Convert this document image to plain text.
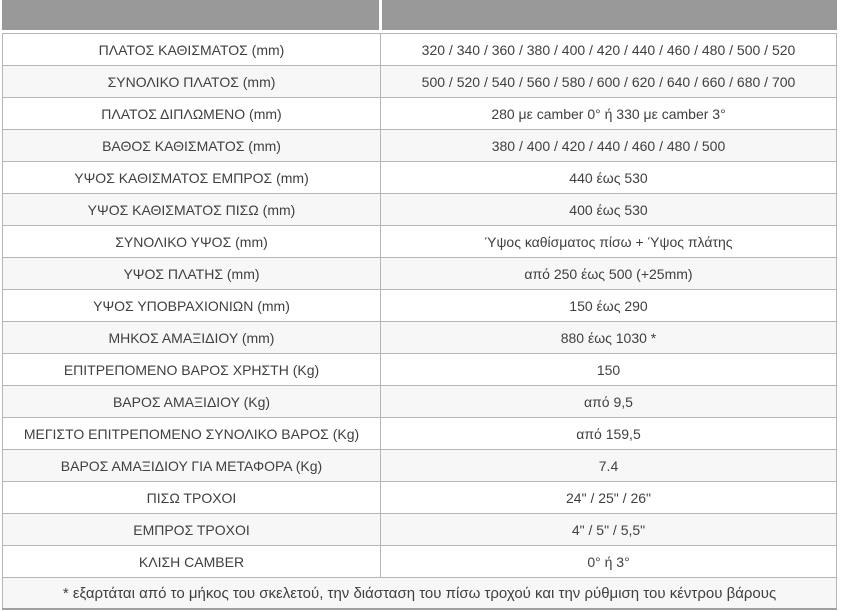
ΠΛΑΤΟΣ ΚΑΘΙΣΜΑΤΟΣ (mm)	320 / 340 / 360 / 380 / 400 / 420 / 440 / 460 / 480 / 500 / 520
ΣΥΝΟΛΙΚΟ ΠΛΑΤΟΣ (mm)	500 / 520 / 540 / 560 / 580 / 600 / 620 / 640 / 660 / 680 / 700
ΠΛΑΤΟΣ ΔΙΠΛΩΜΕΝΟ (mm)	280 με camber 0° ή 330 με camber 3°
ΒΑΘΟΣ ΚΑΘΙΣΜΑΤΟΣ (mm)	380 / 400 / 420 / 440 / 460 / 480 / 500
ΥΨΟΣ ΚΑΘΙΣΜΑΤΟΣ ΕΜΠΡΟΣ (mm)	440 έως 530
ΥΨΟΣ ΚΑΘΙΣΜΑΤΟΣ ΠΙΣΩ (mm)	400 έως 530
ΣΥΝΟΛΙΚΟ ΥΨΟΣ (mm)	Ύψος καθίσματος πίσω + Ύψος πλάτης
ΥΨΟΣ ΠΛΑΤΗΣ (mm)	από 250 έως 500 (+25mm)
ΥΨΟΣ ΥΠΟΒΡΑΧΙΟΝΙΩΝ (mm)	150 έως 290
ΜΗΚΟΣ ΑΜΑΞΙΔΙΟΥ (mm)	880 έως 1030 *
ΕΠΙΤΡΕΠΟΜΕΝΟ ΒΑΡΟΣ ΧΡΗΣΤΗ (Kg)	150
ΒΑΡΟΣ ΑΜΑΞΙΔΙΟΥ (Kg)	από 9,5
ΜΕΓΙΣΤΟ ΕΠΙΤΡΕΠΟΜΕΝΟ ΣΥΝΟΛΙΚΟ ΒΑΡΟΣ (Kg)	από 159,5
ΒΑΡΟΣ ΑΜΑΞΙΔΙΟΥ ΓΙΑ ΜΕΤΑΦΟΡΑ (Kg)	7.4
ΠΙΣΩ ΤΡΟΧΟΙ	24" / 25" / 26"
ΕΜΠΡΟΣ ΤΡΟΧΟΙ	4" / 5" / 5,5"
ΚΛΙΣΗ CAMBER	0° ή 3°
* εξαρτάται από το μήκος του σκελετού, την διάσταση του πίσω τροχού και την ρύθμιση του κέντρου βάρους	
